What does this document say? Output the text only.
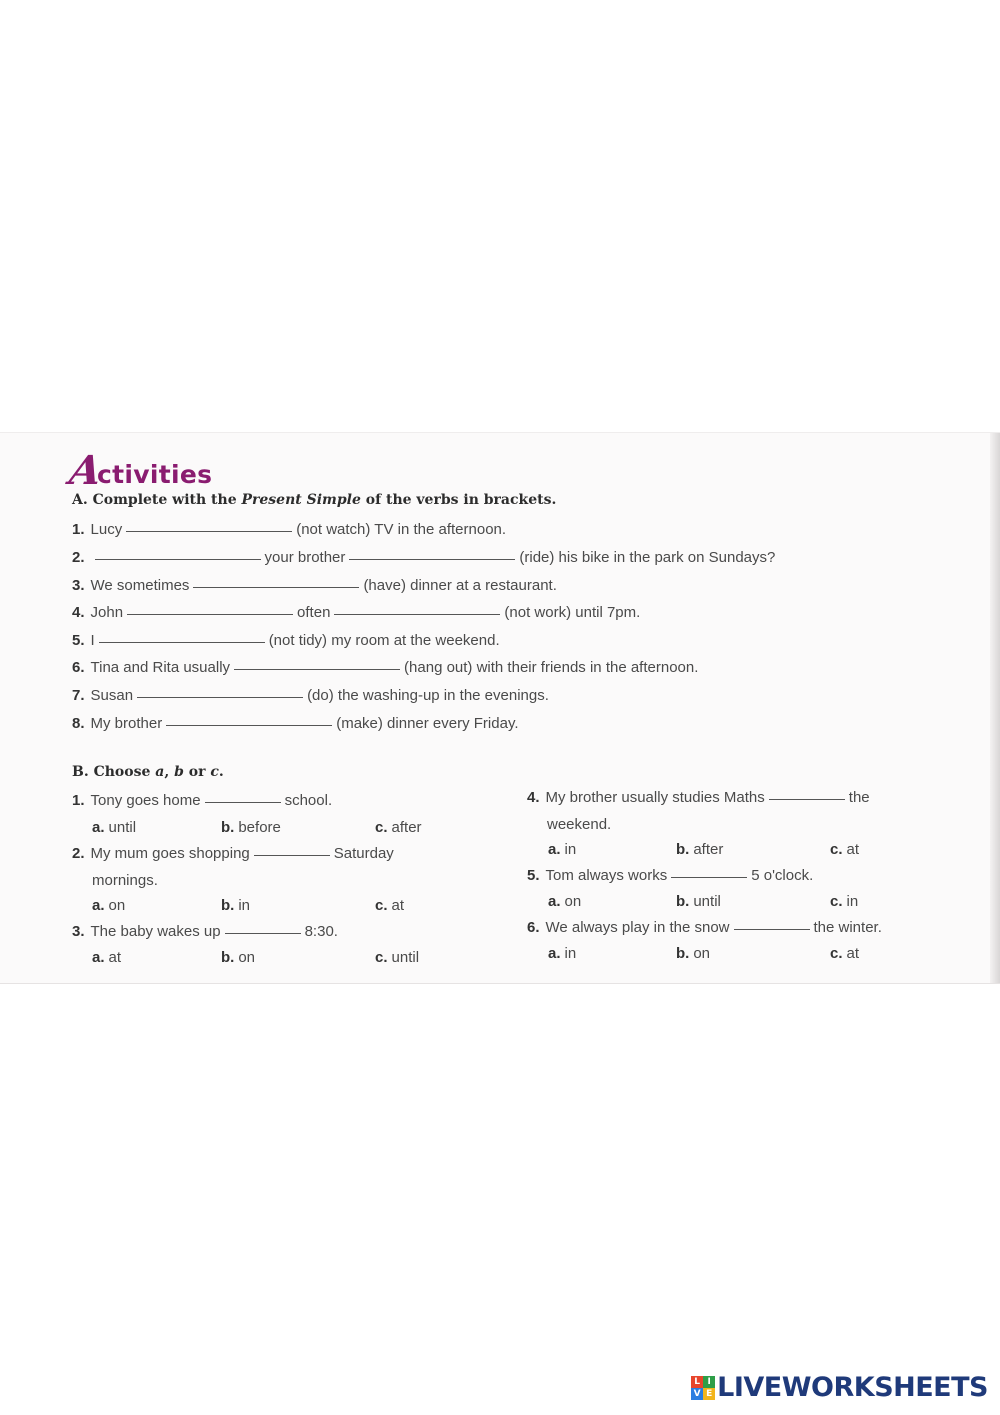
A
ctivities
A. Complete with the Present Simple of the verbs in brackets.
1. Lucy	(not watch) TV in the afternoon.
2.	your brother	(ride) his bike in the park on Sundays?
3. We sometimes	(have) dinner at a restaurant.
4. John	often	(not work) until 7pm.
5. I	(not tidy) my room at the weekend.
6. Tina and Rita usually	(hang out) with their friends in the afternoon.
7. Susan	(do) the washing-up in the evenings.
8. My brother	(make) dinner every Friday.
B. Choose a, b or c.
1. Tony goes home	school.
a. until	b. before	c. after
2. My mum goes shopping	Saturday
mornings.
a. on	b. in	c. at
3. The baby wakes up	8:30.
a. at	b. on	c. until
4. My brother usually studies Maths	the
weekend.
a. in	b. after	c. at
5. Tom always works	5 o'clock.
a. on	b. until	c. in
6. We always play in the snow	the winter.
a. in	b. on	c. at
L I
V E LIVEWORKSHEETS
